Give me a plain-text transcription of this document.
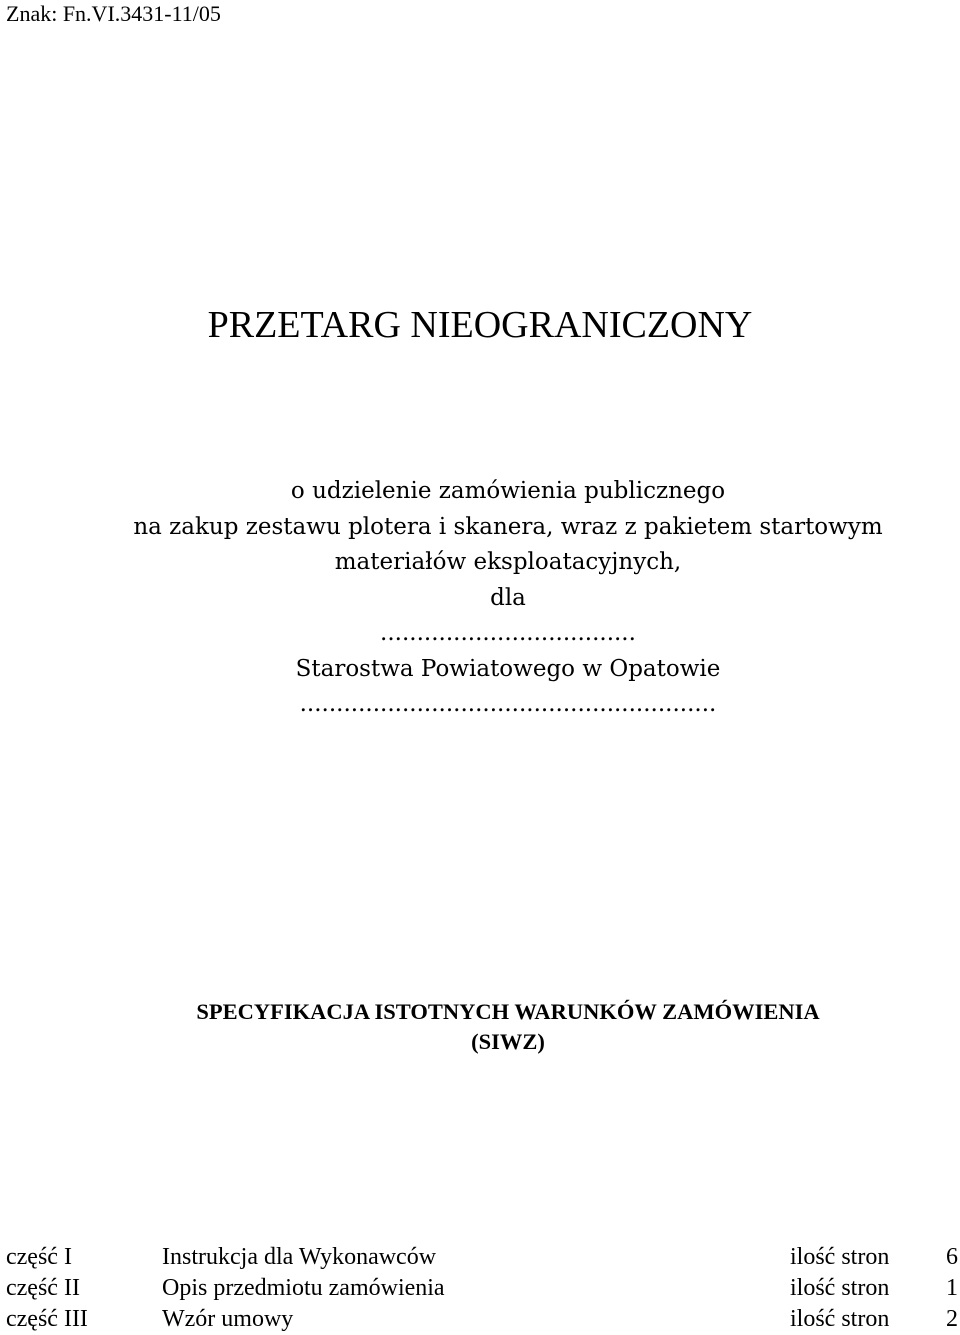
Znak: Fn.VI.3431-11/05
PRZETARG NIEOGRANICZONY
o udzielenie zamówienia publicznego
na zakup zestawu plotera i skanera, wraz z pakietem startowym
materiałów eksploatacyjnych,
dla
...................................
Starostwa Powiatowego w Opatowie
.........................................................
SPECYFIKACJA ISTOTNYCH WARUNKÓW ZAMÓWIENIA
(SIWZ)
część I	Instrukcja dla Wykonawców	ilość stron 6
część II	Opis przedmiotu zamówienia	ilość stron 1
część III	Wzór umowy	ilość stron 2
